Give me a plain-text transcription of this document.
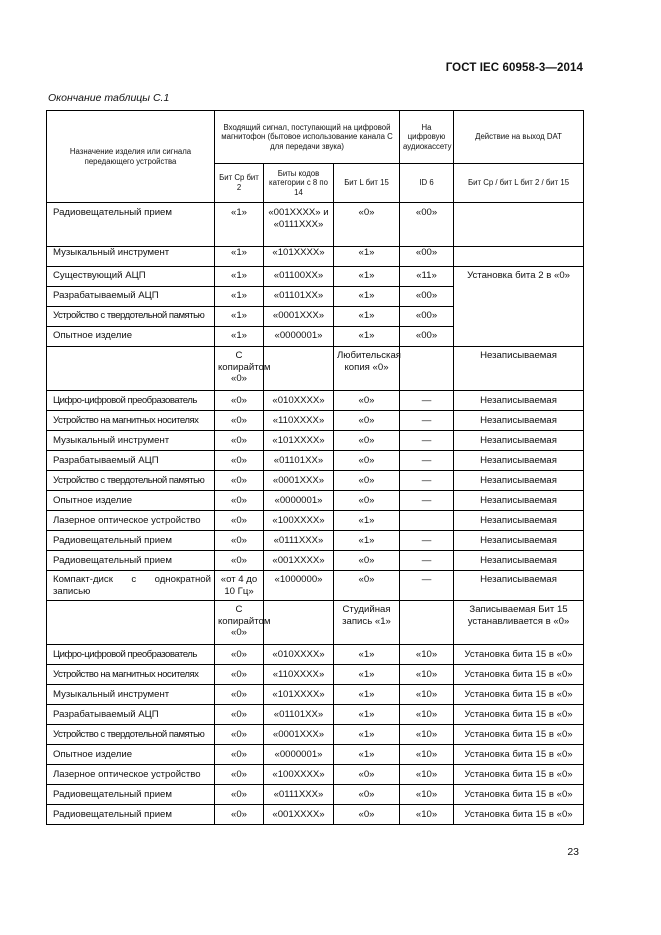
ГОСТ IEC 60958-3—2014
Окончание таблицы С.1
Назначение изделия или сигнала передающего устройства	Входящий сигнал, поступающий на цифровой магнитофон (бытовое использование канала С для передачи звука)			На цифровую аудиокассету	Действие на выход DAT
	Бит Ср бит 2	Биты кодов категории с 8 по 14	Бит L бит 15	ID 6	Бит Ср / бит L бит 2 / бит 15
Радиовещательный прием	«1»	«001XXXX» и «0111XXX»	«0»	«00»	
Музыкальный инструмент	«1»	«101XXXX»	«1»	«00»	
Существующий АЦП	«1»	«01100XX»	«1»	«11»	Установка бита 2 в «0»
Разрабатываемый АЦП	«1»	«01101XX»	«1»	«00»	
Устройство с твердотельной памятью	«1»	«0001XXX»	«1»	«00»	
Опытное изделие	«1»	«0000001»	«1»	«00»	
	С копирайтом «0»		Любительская копия «0»		Незаписываемая
Цифро-цифровой преобразователь	«0»	«010XXXX»	«0»	—	Незаписываемая
Устройство на магнитных носителях	«0»	«110XXXX»	«0»	—	Незаписываемая
Музыкальный инструмент	«0»	«101XXXX»	«0»	—	Незаписываемая
Разрабатываемый АЦП	«0»	«01101XX»	«0»	—	Незаписываемая
Устройство с твердотельной памятью	«0»	«0001XXX»	«0»	—	Незаписываемая
Опытное изделие	«0»	«0000001»	«0»	—	Незаписываемая
Лазерное оптическое устройство	«0»	«100XXXX»	«1»		Незаписываемая
Радиовещательный прием	«0»	«0111XXX»	«1»	—	Незаписываемая
Радиовещательный прием	«0»	«001XXXX»	«0»	—	Незаписываемая
Компакт-диск с однократной записью	«от 4 до 10 Гц»	«1000000»	«0»	—	Незаписываемая
	С копирайтом «0»		Студийная запись «1»		Записываемая Бит 15 устанавливается в «0»
Цифро-цифровой преобразователь	«0»	«010XXXX»	«1»	«10»	Установка бита 15 в «0»
Устройство на магнитных носителях	«0»	«110XXXX»	«1»	«10»	Установка бита 15 в «0»
Музыкальный инструмент	«0»	«101XXXX»	«1»	«10»	Установка бита 15 в «0»
Разрабатываемый АЦП	«0»	«01101XX»	«1»	«10»	Установка бита 15 в «0»
Устройство с твердотельной памятью	«0»	«0001XXX»	«1»	«10»	Установка бита 15 в «0»
Опытное изделие	«0»	«0000001»	«1»	«10»	Установка бита 15 в «0»
Лазерное оптическое устройство	«0»	«100XXXX»	«0»	«10»	Установка бита 15 в «0»
Радиовещательный прием	«0»	«0111XXX»	«0»	«10»	Установка бита 15 в «0»
Радиовещательный прием	«0»	«001XXXX»	«0»	«10»	Установка бита 15 в «0»
23
